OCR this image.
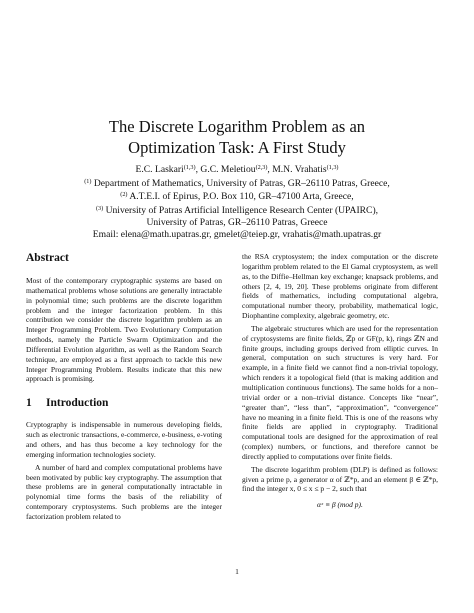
The Discrete Logarithm Problem as an
Optimization Task: A First Study
E.C. Laskari$^{(1,3)}$, G.C. Meletiou$^{(2,3)}$, M.N. Vrahatis$^{(1,3)}$
$^{(1)}$ Department of Mathematics, University of Patras, GR–26110 Patras, Greece,
$^{(2)}$ A.T.E.I. of Epirus, P.O. Box 110, GR–47100 Arta, Greece,
$^{(3)}$ University of Patras Artificial Intelligence Research Center (UPAIRC),
University of Patras, GR–26110 Patras, Greece
Email: elena@math.upatras.gr, gmelet@teiep.gr, vrahatis@math.upatras.gr
Abstract

Most of the contemporary cryptographic systems are based on mathematical problems whose solutions are generally intractable in polynomial time; such problems are the discrete logarithm problem and the integer factorization problem. In this contribution we consider the discrete logarithm problem as an Integer Programming Problem. Two Evolutionary Computation methods, namely the Particle Swarm Optimization and the Differential Evolution algorithm, as well as the Random Search technique, are employed as a first approach to tackle this new Integer Programming Problem. Results indicate that this new approach is promising.

1 Introduction

Cryptography is indispensable in numerous developing fields, such as electronic transactions, e-commerce, e-business, e-voting and others, and has thus become a key technology for the emerging information technologies society.

A number of hard and complex computational problems have been motivated by public key cryptography. The assumption that these problems are in general computationally intractable in polynomial time forms the basis of the reliability of contemporary cryptosystems. Such problems are the integer factorization problem related to

the RSA cryptosystem; the index computation or the discrete logarithm problem related to the El Gamal cryptosystem, as well as, to the Diffie–Hellman key exchange; knapsack problems, and others [2, 4, 19, 20]. These problems originate from different fields of mathematics, including computational algebra, computational number theory, probability, mathematical logic, Diophantine complexity, algebraic geometry, etc.

The algebraic structures which are used for the representation of cryptosystems are finite fields, ℤp or GF(p, k), rings ℤN and finite groups, including groups derived from elliptic curves. In general, computation on such structures is very hard. For example, in a finite field we cannot find a non-trivial topology, which renders it a topological field (that is making addition and multiplication continuous functions). The same holds for a non–trivial order or a non–trivial distance. Concepts like “near”, “greater than”, “less than”, “approximation”, “convergence” have no meaning in a finite field. This is one of the reasons why finite fields are applied in cryptography. Traditional computational tools are designed for the approximation of real (complex) numbers, or functions, and therefore cannot be directly applied to computations over finite fields.

The discrete logarithm problem (DLP) is defined as follows: given a prime p, a generator α of ℤ*p, and an element β ∈ ℤ*p, find the integer x, 0 ≤ x ≤ p − 2, such that

αˣ ≡ β (mod p).
1
